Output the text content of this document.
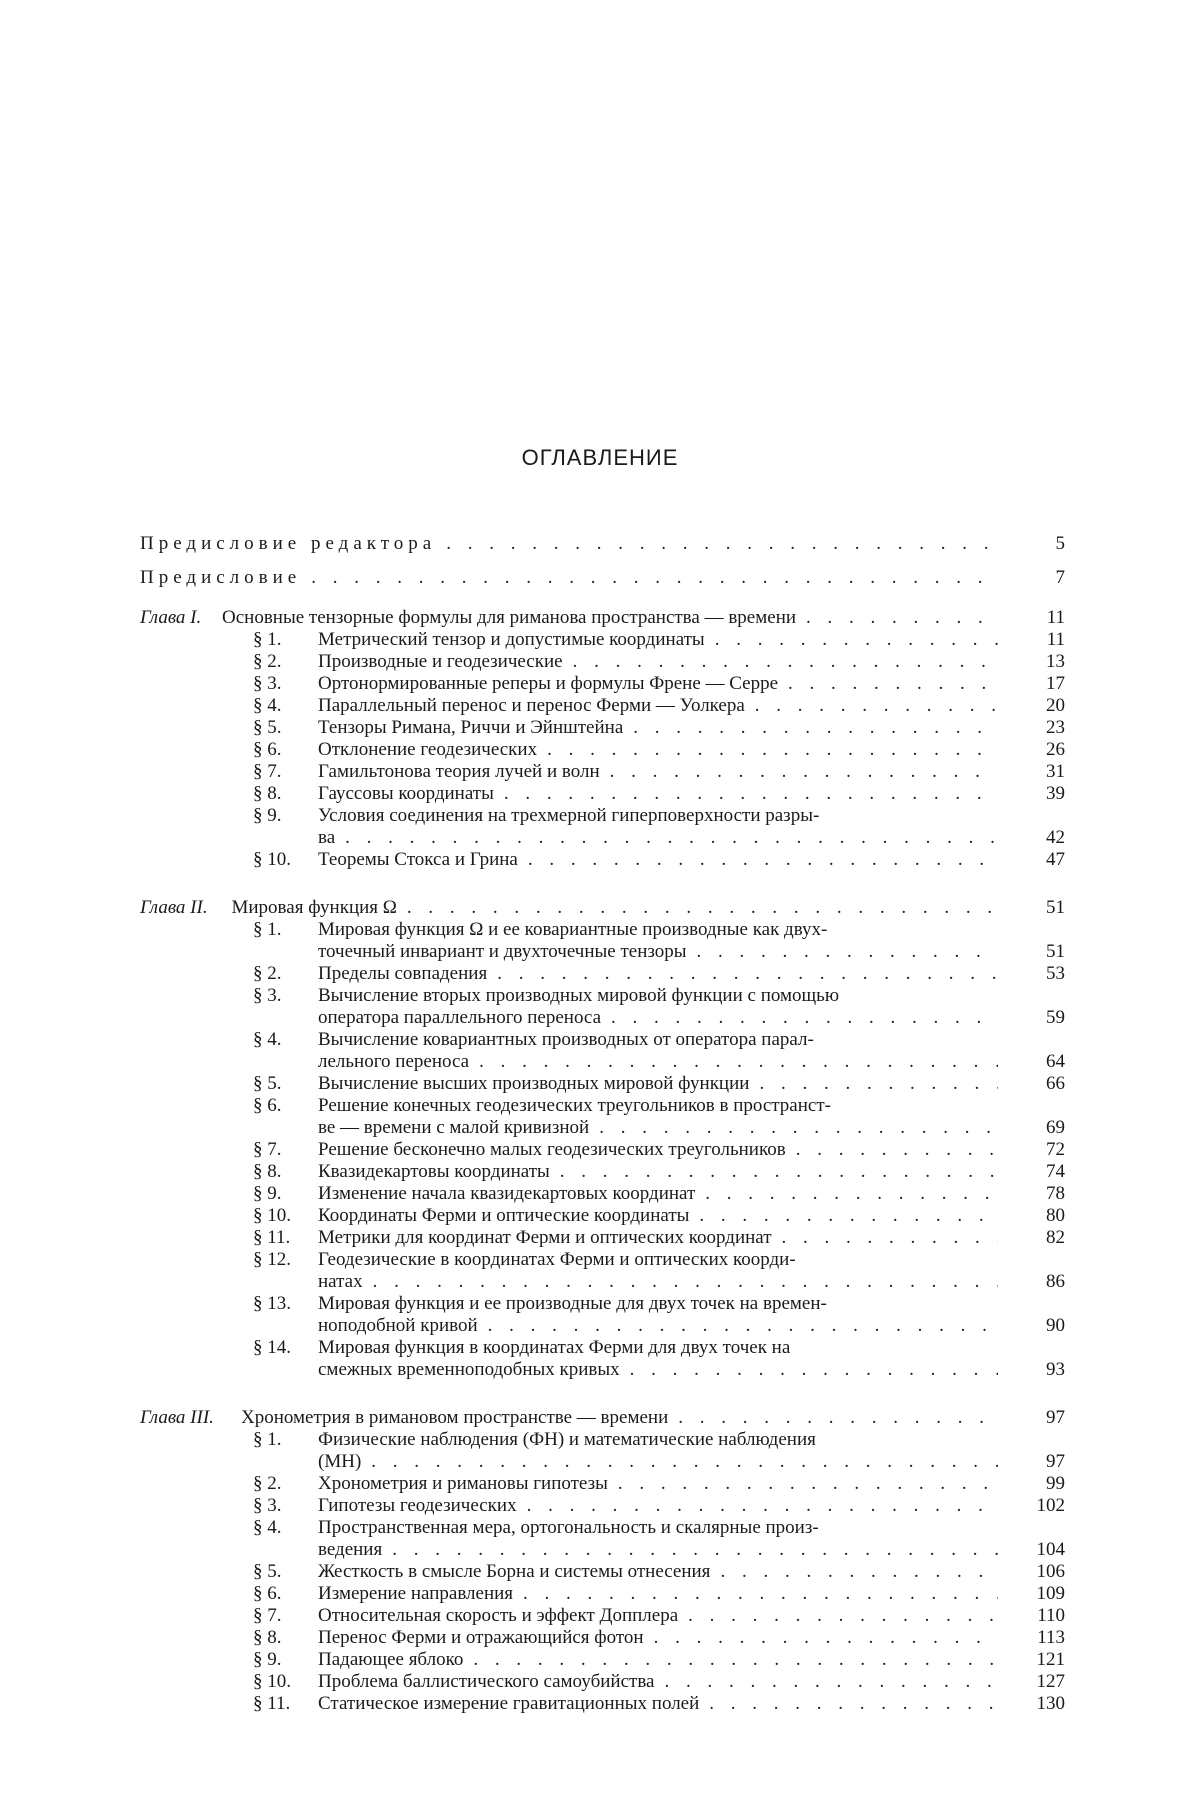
ОГЛАВЛЕНИЕ
Предисловие редактора . . .	5
Предисловие . . .	7
Глава I. Основные тензорные формулы для риманова пространства — времени . . .	11
§ 1. Метрический тензор и допустимые координаты . . .	11
§ 2. Производные и геодезические . . .	13
§ 3. Ортонормированные реперы и формулы Френе — Серре . . .	17
§ 4. Параллельный перенос и перенос Ферми — Уолкера . . .	20
§ 5. Тензоры Римана, Риччи и Эйнштейна . . .	23
§ 6. Отклонение геодезических . . .	26
§ 7. Гамильтонова теория лучей и волн . . .	31
§ 8. Гауссовы координаты . . .	39
§ 9. Условия соединения на трехмерной гиперповерхности разры-
ва . . .	42
§ 10. Теоремы Стокса и Грина . . .	47
Глава II. Мировая функция Ω . . .	51
§ 1. Мировая функция Ω и ее ковариантные производные как двух-
точечный инвариант и двухточечные тензоры . . .	51
§ 2. Пределы совпадения . . .	53
§ 3. Вычисление вторых производных мировой функции с помощью
оператора параллельного переноса . . .	59
§ 4. Вычисление ковариантных производных от оператора парал-
лельного переноса . . .	64
§ 5. Вычисление высших производных мировой функции . . .	66
§ 6. Решение конечных геодезических треугольников в пространст-
ве — времени с малой кривизной . . .	69
§ 7. Решение бесконечно малых геодезических треугольников . . .	72
§ 8. Квазидекартовы координаты . . .	74
§ 9. Изменение начала квазидекартовых координат . . .	78
§ 10. Координаты Ферми и оптические координаты . . .	80
§ 11. Метрики для координат Ферми и оптических координат . . .	82
§ 12. Геодезические в координатах Ферми и оптических коорди-
натах . . .	86
§ 13. Мировая функция и ее производные для двух точек на времен-
ноподобной кривой . . .	90
§ 14. Мировая функция в координатах Ферми для двух точек на
смежных временноподобных кривых . . .	93
Глава III. Хронометрия в римановом пространстве — времени . . .	97
§ 1. Физические наблюдения (ФН) и математические наблюдения
(МН) . . .	97
§ 2. Хронометрия и римановы гипотезы . . .	99
§ 3. Гипотезы геодезических . . .	102
§ 4. Пространственная мера, ортогональность и скалярные произ-
ведения . . .	104
§ 5. Жесткость в смысле Борна и системы отнесения . . .	106
§ 6. Измерение направления . . .	109
§ 7. Относительная скорость и эффект Допплера . . .	110
§ 8. Перенос Ферми и отражающийся фотон . . .	113
§ 9. Падающее яблоко . . .	121
§ 10. Проблема баллистического самоубийства . . .	127
§ 11. Статическое измерение гравитационных полей . . .	130
